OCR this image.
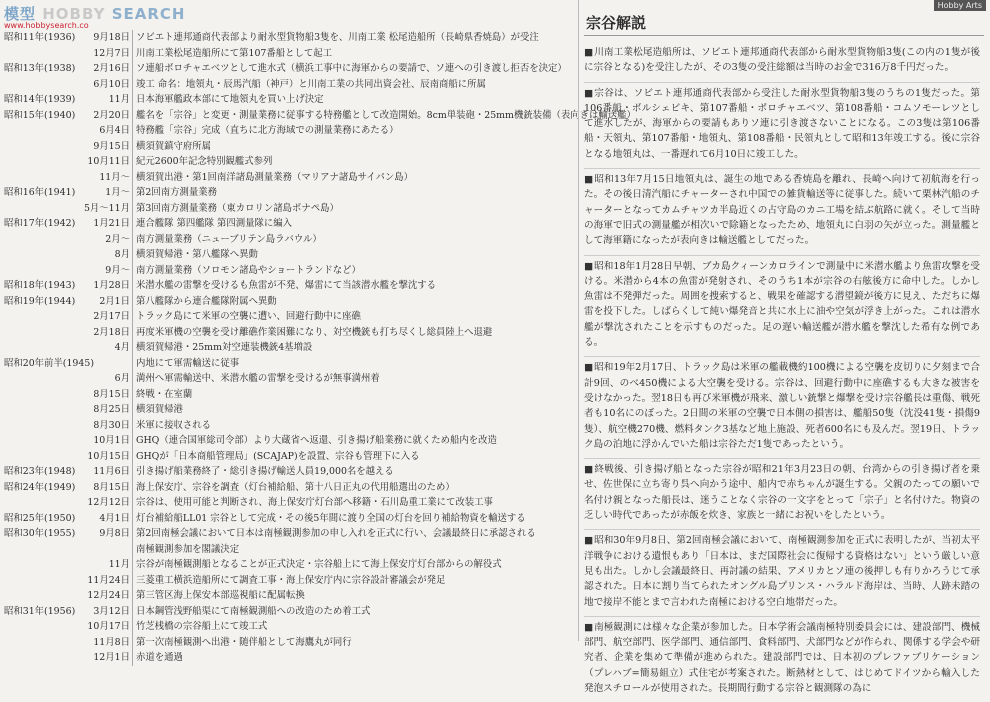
模型 HOBBY SEARCH
www.hobbysearch.co
昭和11年(1936)	9月18日 ソビエト連邦通商代表部より耐氷型貨物船3隻を、川南工業 松尾造船所（長崎県香焼島）が受注
12月7日 川南工業松尾造船所にて第107番船として起工
昭和13年(1938)	2月16日 ソ連船ボロチャエベツとして進水式（横浜工事中に海軍からの要請で、ソ連への引き渡し拒否を決定）
6月10日 竣工 命名：地領丸・辰馬汽船（神戸）と川南工業の共同出資会社、辰南商船に所属
昭和14年(1939)	11月 日本海軍艦政本部にて地領丸を買い上げ決定
昭和15年(1940)	2月20日 艦名を「宗谷」と変更・測量業務に従事する特務艦として改造開始。8cm単装砲・25mm機銃装備（表向きは輸送艦）
6月4日 特務艦「宗谷」完成（直ちに北方海域での測量業務にあたる）
9月15日 横須賀鎮守府所属
10月11日 紀元2600年記念特別観艦式参列
11月〜 横須賀出港・第1回南洋諸島測量業務（マリアナ諸島サイパン島）
昭和16年(1941)	1月〜 第2回南方測量業務
5月〜11月 第3回南方測量業務（東カロリン諸島ポナペ島）
昭和17年(1942)	1月21日 連合艦隊 第四艦隊 第四測量隊に編入
2月〜 南方測量業務（ニューブリテン島ラバウル）
8月 横須賀帰港・第八艦隊へ異動
9月〜 南方測量業務（ソロモン諸島やショートランドなど）
昭和18年(1943)	1月28日 米潜水艦の雷撃を受けるも魚雷が不発、爆雷にて当該潜水艦を撃沈する
昭和19年(1944)	2月1日 第八艦隊から連合艦隊附属へ異動
2月17日 トラック島にて米軍の空襲に遭い、回避行動中に座礁
2月18日 再度米軍機の空襲を受け離礁作業困難になり、対空機銃も打ち尽くし総員陸上へ退避
4月 横須賀帰港・25mm対空連装機銃4基増設
昭和20年前半(1945)	内地にて軍需輸送に従事
6月 満州へ軍需輸送中、米潜水艦の雷撃を受けるが無事満州着
8月15日 終戦・在室蘭
8月25日 横須賀帰港
8月30日 米軍に接収される
10月1日 GHQ（連合国軍総司令部）より大蔵省へ返還、引き揚げ船業務に就くため船内を改造
10月15日 GHQが「日本商船管理局」(SCAJAP)を設置、宗谷も管理下に入る
昭和23年(1948)	11月6日 引き揚げ船業務終了・総引き揚げ輸送人員19,000名を越える
昭和24年(1949)	8月15日 海上保安庁、宗谷を調査（灯台補給船、第十八日正丸の代用船選出のため）
12月12日 宗谷は、使用可能と判断され、海上保安庁灯台部へ移籍・石川島重工業にて改装工事
昭和25年(1950)	4月1日 灯台補給船LL01 宗谷として完成・その後5年間に渡り全国の灯台を回り補給物資を輸送する
昭和30年(1955)	9月8日 第2回南極会議において日本は南極観測参加の申し入れを正式に行い、会議最終日に承認される
南極観測参加を閣議決定
11月 宗谷が南極観測船となることが正式決定・宗谷船上にて海上保安庁灯台部からの解役式
11月24日 三菱重工横浜造船所にて調査工事・海上保安庁内に宗谷設計審議会が発足
12月24日 第三管区海上保安本部巡視船に配属転換
昭和31年(1956)	3月12日 日本鋼管浅野船渠にて南極観測船への改造のため着工式
10月17日 竹芝桟橋の宗谷船上にて竣工式
11月8日 第一次南極観測へ出港・随伴船として海鷹丸が同行
12月1日 赤道を通過
宗谷解説

■ 川南工業松尾造船所は、ソビエト連邦通商代表部から耐氷型貨物船3隻(この内の1隻が後に宗谷となる)を受注したが、その3隻の受注総額は当時のお金で316万8千円だった。

■ 宗谷は、ソビエト連邦通商代表部から受注した耐氷型貨物船3隻のうちの1隻だった。第106番船・ボルシェビキ、第107番船・ボロチャエベツ、第108番船・コムソモーレツとして進水したが、海軍からの要請もありソ連に引き渡さないことになる。この3隻は第106番船・天領丸、第107番船・地領丸、第108番船・民領丸として昭和13年竣工する。後に宗谷となる地領丸は、一番遅れて6月10日に竣工した。

■ 昭和13年7月15日地領丸は、誕生の地である香焼島を離れ、長崎へ向けて初航海を行った。その後日清汽船にチャーターされ中国での雑貨輸送等に従事した。続いて栗林汽船のチャーターとなってカムチャツカ半島近くの占守島のカニ工場を結ぶ航路に就く。そして当時の海軍で旧式の測量艦が相次いで除籍となったため、地領丸に白羽の矢が立った。測量艦として海軍籍になったが表向きは輸送艦としてだった。

■ 昭和18年1月28日早朝、ブカ島クィーンカロラインで測量中に米潜水艦より魚雷攻撃を受ける。米潜から4本の魚雷が発射され、そのうち1本が宗谷の右舷後方に命中した。しかし魚雷は不発弾だった。周囲を捜索すると、戦果を確認する潜望鏡が後方に見え、ただちに爆雷を投下した。しばらくして純い爆発音と共に水上に油や空気が浮き上がった。これは潜水艦が撃沈されたことを示すものだった。足の遅い輸送艦が潜水艦を撃沈した希有な例である。

■ 昭和19年2月17日、トラック島は米軍の艦載機約100機による空襲を皮切りに夕刻まで合計9回、のべ450機による大空襲を受ける。宗谷は、回避行動中に座礁するも大きな被害を受けなかった。翌18日も再び米軍機が飛来、激しい銃撃と爆撃を受け宗谷艦長は重傷、戦死者も10名にのぼった。2日間の米軍の空襲で日本側の損害は、艦船50隻（沈没41隻・損傷9隻）、航空機270機、燃料タンク3基など地上施設、死者600名にも及んだ。翌19日、トラック島の泊地に浮かんでいた船は宗谷ただ1隻であったという。

■ 終戦後、引き揚げ船となった宗谷が昭和21年3月23日の朝、台湾からの引き揚げ者を乗せ、佐世保に立ち寄り呉へ向かう途中、船内で赤ちゃんが誕生する。父親のたっての願いで名付け親となった船長は、迷うことなく宗谷の一文字をとって「宗子」と名付けた。物資の乏しい時代であったが赤飯を炊き、家族と一緒にお祝いをしたという。

■ 昭和30年9月8日、第2回南極会議において、南極観測参加を正式に表明したが、当初太平洋戦争における遺恨もあり「日本は、まだ国際社会に復帰する資格はない」という厳しい意見も出た。しかし会議最終日、再討議の結果、アメリカとソ連の後押しも有りかろうじて承認された。日本に割り当てられたオングル島プリンス・ハラルド海岸は、当時、人跡未踏の地で接岸不能とまで言われた南極における空白地帯だった。

■ 南極観測には様々な企業が参加した。日本学術会議南極特別委員会には、建設部門、機械部門、航空部門、医学部門、通信部門、食料部門、犬部門などが作られ、関係する学会や研究者、企業を集めて準備が進められた。建設部門では、日本初のプレファブリケーション（プレハブ=簡易組立）式住宅が考案された。断熱材として、はじめてドイツから輸入した発泡スチロールが使用された。長期間行動する宗谷と観測隊の為に

Hobby Arts
